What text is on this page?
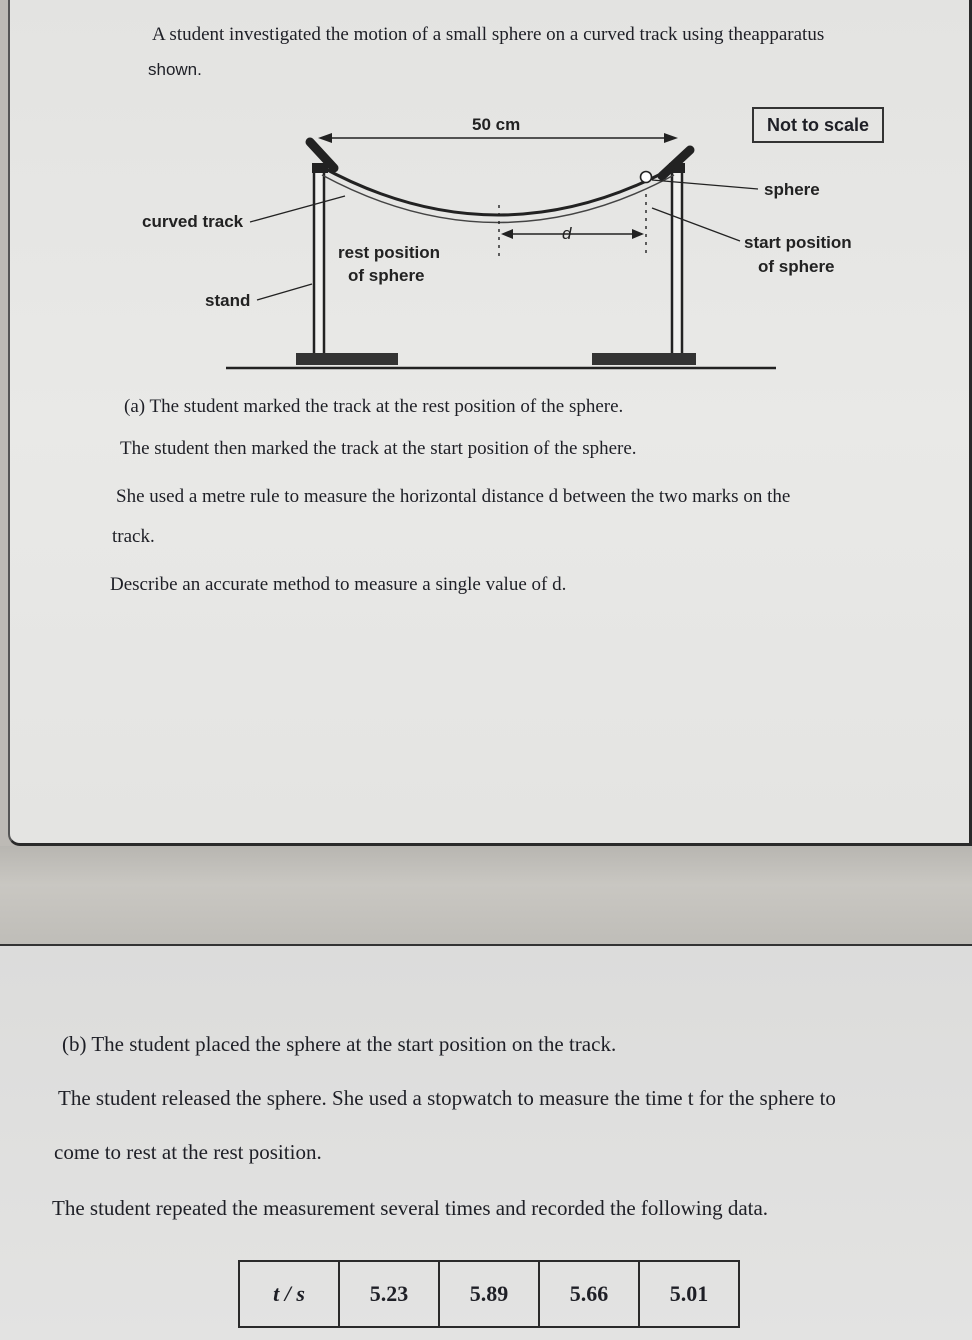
A student investigated the motion of a small sphere on a curved track using theapparatus
shown.
50 cm	Not to scale
sphere
curved track
rest position
of sphere
start position
of sphere
stand
d
(a) The student marked the track at the rest position of the sphere.
The student then marked the track at the start position of the sphere.
She used a metre rule to measure the horizontal distance d between the two marks on the
track.
Describe an accurate method to measure a single value of d.
(b) The student placed the sphere at the start position on the track.
The student released the sphere. She used a stopwatch to measure the time t for the sphere to
come to rest at the rest position.
The student repeated the measurement several times and recorded the following data.
t / s	5.23	5.89	5.66	5.01
